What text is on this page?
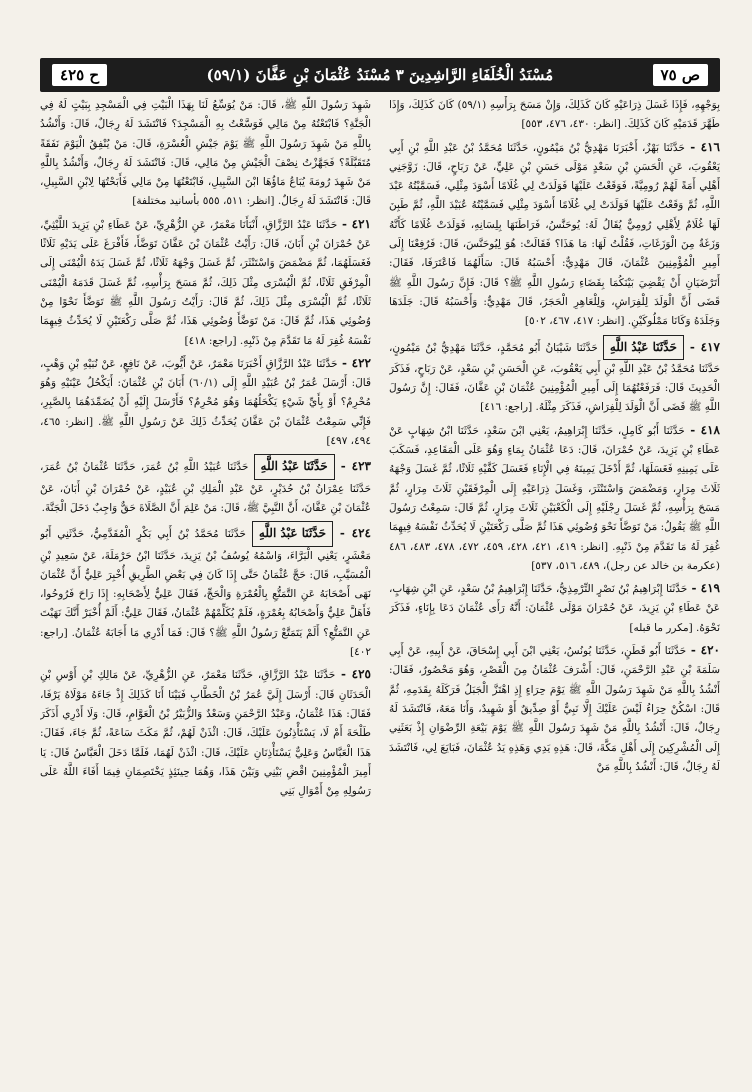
ص ٧٥
مُسْنَدُ الْخُلَفَاءِ الرَّاشِدِينَ ٣ مُسْنَدُ عُثْمَانَ بْنِ عَفَّانَ (٥٩/١)
ح ٤٢٥

بِوَجْهِهِ، فَإِذَا غَسَلَ ذِرَاعَيْهِ كَانَ كَذَلِكَ، وَإِنْ مَسَحَ بِرَأْسِهِ (٥٩/١) كَانَ كَذَلِكَ، وَإِذَا طَهَّرَ قَدَمَيْهِ كَانَ كَذَلِكَ. [انظر: ٤٣٠، ٤٧٦، ٥٥٣]

٤١٦ - حَدَّثَنَا بَهْزٌ، أَخْبَرَنَا مَهْدِيُّ بْنُ مَيْمُونٍ، حَدَّثَنَا مُحَمَّدُ بْنُ عَبْدِ اللَّهِ بْنِ أَبِي يَعْقُوبَ، عَنِ الْحَسَنِ بْنِ سَعْدٍ مَوْلَى حَسَنِ بْنِ عَلِيٍّ، عَنْ رَبَاحٍ، قَالَ: زَوَّجَنِي أَهْلِي أَمَةً لَهُمْ رُومِيَّةً، فَوَقَعْتُ عَلَيْهَا فَوَلَدَتْ لِي غُلَامًا أَسْوَدَ مِثْلِي، فَسَمَّيْتُهُ عَبْدَ اللَّهِ، ثُمَّ وَقَعْتُ عَلَيْهَا فَوَلَدَتْ لِي غُلَامًا أَسْوَدَ مِثْلِي فَسَمَّيْتُهُ عُبَيْدَ اللَّهِ، ثُمَّ طَبِنَ لَهَا غُلَامٌ لِأَهْلِي رُومِيٌّ يُقَالُ لَهُ: يُوحَنَّسُ، فَرَاطَنَهَا بِلِسَانِهِ، فَوَلَدَتْ غُلَامًا كَأَنَّهُ وَزَغَةٌ مِنَ الْوَزَغَاتِ، فَقُلْتُ لَهَا: مَا هَذَا؟ فَقَالَتْ: هُوَ لِيُوحَنَّسَ، قَالَ: فَرُفِعْنَا إِلَى أَمِيرِ الْمُؤْمِنِينَ عُثْمَانَ، قَالَ مَهْدِيٌّ: أَحْسَبُهُ قَالَ: سَأَلَهُمَا فَاعْتَرَفَا، فَقَالَ: أَتَرْضَيَانِ أَنْ يَقْضِيَ بَيْنَكُمَا بِقَضَاءِ رَسُولِ اللَّهِ ﷺ؟ قَالَ: فَإِنَّ رَسُولَ اللَّهِ ﷺ قَضَى أَنَّ الْوَلَدَ لِلْفِرَاشِ، وَلِلْعَاهِرِ الْحَجَرُ، قَالَ مَهْدِيٌّ: وَأَحْسَبُهُ قَالَ: جَلَدَهَا وَجَلَدَهُ وَكَانَا مَمْلُوكَيْنِ. [انظر: ٤١٧، ٤٦٧، ٥٠٢]

٤١٧ - حَدَّثَنَا عَبْدُ اللَّهِ حَدَّثَنَا شَيْبَانُ أَبُو مُحَمَّدٍ، حَدَّثَنَا مَهْدِيُّ بْنُ مَيْمُونٍ، حَدَّثَنَا مُحَمَّدُ بْنُ عَبْدِ اللَّهِ بْنِ أَبِي يَعْقُوبَ، عَنِ الْحَسَنِ بْنِ سَعْدٍ، عَنْ رَبَاحٍ، فَذَكَرَ الْحَدِيثَ قَالَ: فَرَفَعْتُهُمَا إِلَى أَمِيرِ الْمُؤْمِنِينَ عُثْمَانَ بْنِ عَفَّانَ، فَقَالَ: إِنَّ رَسُولَ اللَّهِ ﷺ قَضَى أَنَّ الْوَلَدَ لِلْفِرَاشِ، فَذَكَرَ مِثْلَهُ. [راجع: ٤١٦]

٤١٨ - حَدَّثَنَا أَبُو كَامِلٍ، حَدَّثَنَا إِبْرَاهِيمُ، يَعْنِي ابْنَ سَعْدٍ، حَدَّثَنَا ابْنُ شِهَابٍ عَنْ عَطَاءِ بْنِ يَزِيدَ، عَنْ حُمْرَانَ، قَالَ: دَعَا عُثْمَانُ بِمَاءٍ وَهُوَ عَلَى الْمَقَاعِدِ، فَسَكَبَ عَلَى يَمِينِهِ فَغَسَلَهَا، ثُمَّ أَدْخَلَ يَمِينَهُ فِي الْإِنَاءِ فَغَسَلَ كَفَّيْهِ ثَلَاثًا، ثُمَّ غَسَلَ وَجْهَهُ ثَلَاثَ مِرَارٍ، وَمَضْمَضَ وَاسْتَنْثَرَ، وَغَسَلَ ذِرَاعَيْهِ إِلَى الْمِرْفَقَيْنِ ثَلَاثَ مِرَارٍ، ثُمَّ مَسَحَ بِرَأْسِهِ، ثُمَّ غَسَلَ رِجْلَيْهِ إِلَى الْكَعْبَيْنِ ثَلَاثَ مِرَارٍ، ثُمَّ قَالَ: سَمِعْتُ رَسُولَ اللَّهِ ﷺ يَقُولُ: مَنْ تَوَضَّأَ نَحْوَ وُضُوئِي هَذَا ثُمَّ صَلَّى رَكْعَتَيْنِ لَا يُحَدِّثُ نَفْسَهُ فِيهِمَا غُفِرَ لَهُ مَا تَقَدَّمَ مِنْ ذَنْبِهِ. [انظر: ٤١٩، ٤٢١، ٤٢٨، ٤٥٩، ٤٧٢، ٤٧٨، ٤٨٣، ٤٨٦ (عكرمة بن خالد عن رجل)، ٤٨٩، ٥١٦، ٥٣٧]

٤١٩ - حَدَّثَنَا إِبْرَاهِيمُ بْنُ نَصْرٍ التِّرْمِذِيُّ، حَدَّثَنَا إِبْرَاهِيمُ بْنُ سَعْدٍ، عَنِ ابْنِ شِهَابٍ، عَنْ عَطَاءِ بْنِ يَزِيدَ، عَنْ حُمْرَانَ مَوْلَى عُثْمَانَ: أَنَّهُ رَأَى عُثْمَانَ دَعَا بِإِنَاءٍ، فَذَكَرَ نَحْوَهُ. [مكرر ما قبله]

٤٢٠ - حَدَّثَنَا أَبُو قَطَنٍ، حَدَّثَنَا يُونُسُ، يَعْنِي ابْنَ أَبِي إِسْحَاقَ، عَنْ أَبِيهِ، عَنْ أَبِي سَلَمَةَ بْنِ عَبْدِ الرَّحْمَنِ، قَالَ: أَشْرَفَ عُثْمَانُ مِنَ الْقَصْرِ، وَهُوَ مَحْصُورٌ، فَقَالَ: أَنْشُدُ بِاللَّهِ مَنْ شَهِدَ رَسُولَ اللَّهِ ﷺ يَوْمَ حِرَاءٍ إِذِ اهْتَزَّ الْجَبَلُ فَرَكَلَهُ بِقَدَمِهِ، ثُمَّ قَالَ: اسْكُنْ حِرَاءُ لَيْسَ عَلَيْكَ إِلَّا نَبِيٌّ أَوْ صِدِّيقٌ أَوْ شَهِيدٌ، وَأَنَا مَعَهُ، فَانْتَشَدَ لَهُ رِجَالٌ، قَالَ: أَنْشُدُ بِاللَّهِ مَنْ شَهِدَ رَسُولَ اللَّهِ ﷺ يَوْمَ بَيْعَةِ الرِّضْوَانِ إِذْ بَعَثَنِي إِلَى الْمُشْرِكِينَ إِلَى أَهْلِ مَكَّةَ، قَالَ: هَذِهِ يَدِي وَهَذِهِ يَدُ عُثْمَانَ، فَبَايَعَ لِي، فَانْتَشَدَ لَهُ رِجَالٌ، قَالَ: أَنْشُدُ بِاللَّهِ مَنْ

شَهِدَ رَسُولَ اللَّهِ ﷺ، قَالَ: مَنْ يُوَسِّعُ لَنَا بِهَذَا الْبَيْتِ فِي الْمَسْجِدِ بِبَيْتٍ لَهُ فِي الْجَنَّةِ؟ فَابْتَعْتُهُ مِنْ مَالِي فَوَسَّعْتُ بِهِ الْمَسْجِدَ؟ فَانْتَشَدَ لَهُ رِجَالٌ، قَالَ: وَأَنْشُدُ بِاللَّهِ مَنْ شَهِدَ رَسُولَ اللَّهِ ﷺ يَوْمَ جَيْشِ الْعُسْرَةِ، قَالَ: مَنْ يُنْفِقُ الْيَوْمَ نَفَقَةً مُتَقَبَّلَةً؟ فَجَهَّزْتُ نِصْفَ الْجَيْشِ مِنْ مَالِي، قَالَ: فَانْتَشَدَ لَهُ رِجَالٌ، وَأَنْشُدُ بِاللَّهِ مَنْ شَهِدَ رُومَةَ يُبَاعُ مَاؤُهَا ابْنَ السَّبِيلِ، فَابْتَعْتُهَا مِنْ مَالِي فَأَبَحْتُهَا لِابْنِ السَّبِيلِ، قَالَ: فَانْتَشَدَ لَهُ رِجَالٌ. [انظر: ٥١١، ٥٥٥ بأسانيد مختلفة]

٤٢١ - حَدَّثَنَا عَبْدُ الرَّزَّاقِ، أَنْبَأَنَا مَعْمَرٌ، عَنِ الزُّهْرِيِّ، عَنْ عَطَاءِ بْنِ يَزِيدَ اللَّيْثِيِّ، عَنْ حُمْرَانَ بْنِ أَبَانَ، قَالَ: رَأَيْتُ عُثْمَانَ بْنَ عَفَّانَ تَوَضَّأَ، فَأَفْرَغَ عَلَى يَدَيْهِ ثَلَاثًا فَغَسَلَهُمَا، ثُمَّ مَضْمَضَ وَاسْتَنْثَرَ، ثُمَّ غَسَلَ وَجْهَهُ ثَلَاثًا، ثُمَّ غَسَلَ يَدَهُ الْيُمْنَى إِلَى الْمِرْفَقِ ثَلَاثًا، ثُمَّ الْيُسْرَى مِثْلَ ذَلِكَ، ثُمَّ مَسَحَ بِرَأْسِهِ، ثُمَّ غَسَلَ قَدَمَهُ الْيُمْنَى ثَلَاثًا، ثُمَّ الْيُسْرَى مِثْلَ ذَلِكَ، ثُمَّ قَالَ: رَأَيْتُ رَسُولَ اللَّهِ ﷺ تَوَضَّأَ نَحْوًا مِنْ وُضُوئِي هَذَا، ثُمَّ قَالَ: مَنْ تَوَضَّأَ وُضُوئِي هَذَا، ثُمَّ صَلَّى رَكْعَتَيْنِ لَا يُحَدِّثُ فِيهِمَا نَفْسَهُ غُفِرَ لَهُ مَا تَقَدَّمَ مِنْ ذَنْبِهِ. [راجع: ٤١٨]

٤٢٢ - حَدَّثَنَا عَبْدُ الرَّزَّاقِ أَخْبَرَنَا مَعْمَرٌ، عَنْ أَيُّوبَ، عَنْ نَافِعٍ، عَنْ نُبَيْهِ بْنِ وَهْبٍ، قَالَ: أَرْسَلَ عُمَرُ بْنُ عُبَيْدِ اللَّهِ إِلَى (٦٠/١) أَبَانَ بْنِ عُثْمَانَ: أَيَكْحُلُ عَيْنَيْهِ وَهُوَ مُحْرِمٌ؟ أَوْ بِأَيِّ شَيْءٍ يَكْحَلُهُمَا وَهُوَ مُحْرِمٌ؟ فَأَرْسَلَ إِلَيْهِ أَنْ يُضَمِّدَهُمَا بِالصَّبِرِ، فَإِنِّي سَمِعْتُ عُثْمَانَ بْنَ عَفَّانَ يُحَدِّثُ ذَلِكَ عَنْ رَسُولِ اللَّهِ ﷺ. [انظر: ٤٦٥، ٤٩٤، ٤٩٧]

٤٢٣ - حَدَّثَنَا عَبْدُ اللَّهِ حَدَّثَنَا عُبَيْدُ اللَّهِ بْنُ عُمَرَ، حَدَّثَنَا عُثْمَانُ بْنُ عُمَرَ، حَدَّثَنَا عِمْرَانُ بْنُ حُدَيْرٍ، عَنْ عَبْدِ الْمَلِكِ بْنِ عُبَيْدٍ، عَنْ حُمْرَانَ بْنِ أَبَانَ، عَنْ عُثْمَانَ بْنِ عَفَّانَ، أَنَّ النَّبِيَّ ﷺ، قَالَ: مَنْ عَلِمَ أَنَّ الصَّلَاةَ حَقٌّ وَاجِبٌ دَخَلَ الْجَنَّةَ.

٤٢٤ - حَدَّثَنَا عَبْدُ اللَّهِ حَدَّثَنَا مُحَمَّدُ بْنُ أَبِي بَكْرٍ الْمُقَدَّمِيُّ، حَدَّثَنِي أَبُو مَعْشَرٍ، يَعْنِي الْبَرَّاءَ، وَاسْمُهُ يُوسُفُ بْنُ يَزِيدَ، حَدَّثَنَا ابْنُ حَرْمَلَةَ، عَنْ سَعِيدِ بْنِ الْمُسَيَّبِ، قَالَ: حَجَّ عُثْمَانُ حَتَّى إِذَا كَانَ فِي بَعْضِ الطَّرِيقِ أُخْبِرَ عَلِيٌّ أَنَّ عُثْمَانَ نَهَى أَصْحَابَهُ عَنِ التَّمَتُّعِ بِالْعُمْرَةِ وَالْحَجِّ، فَقَالَ عَلِيٌّ لِأَصْحَابِهِ: إِذَا رَاحَ فَرُوحُوا، فَأَهَلَّ عَلِيٌّ وَأَصْحَابُهُ بِعُمْرَةٍ، فَلَمْ يُكَلِّمْهُمْ عُثْمَانُ، فَقَالَ عَلِيٌّ: أَلَمْ أُخْبَرْ أَنَّكَ نَهَيْتَ عَنِ التَّمَتُّعِ؟ أَلَمْ يَتَمَتَّعْ رَسُولُ اللَّهِ ﷺ؟ قَالَ: فَمَا أَدْرِي مَا أَجَابَهُ عُثْمَانُ. [راجع: ٤٠٢]

٤٢٥ - حَدَّثَنَا عَبْدُ الرَّزَّاقِ، حَدَّثَنَا مَعْمَرٌ، عَنِ الزُّهْرِيِّ، عَنْ مَالِكِ بْنِ أَوْسِ بْنِ الْحَدَثَانِ قَالَ: أَرْسَلَ إِلَيَّ عُمَرُ بْنُ الْخَطَّابِ فَبَيْنَا أَنَا كَذَلِكَ إِذْ جَاءَهُ مَوْلَاهُ يَرْفَا، فَقَالَ: هَذَا عُثْمَانُ، وَعَبْدُ الرَّحْمَنِ وَسَعْدٌ وَالزُّبَيْرُ بْنُ الْعَوَّامِ، قَالَ: وَلَا أَدْرِي أَذَكَرَ طَلْحَةَ أَمْ لَا، يَسْتَأْذِنُونَ عَلَيْكَ، قَالَ: ائْذَنْ لَهُمْ، ثُمَّ مَكَثَ سَاعَةً، ثُمَّ جَاءَ، فَقَالَ: هَذَا الْعَبَّاسُ وَعَلِيٌّ يَسْتَأْذِنَانِ عَلَيْكَ، قَالَ: ائْذَنْ لَهُمَا، فَلَمَّا دَخَلَ الْعَبَّاسُ قَالَ: يَا أَمِيرَ الْمُؤْمِنِينَ اقْضِ بَيْنِي وَبَيْنَ هَذَا، وَهُمَا حِينَئِذٍ يَخْتَصِمَانِ فِيمَا أَفَاءَ اللَّهُ عَلَى رَسُولِهِ مِنْ أَمْوَالِ بَنِي
